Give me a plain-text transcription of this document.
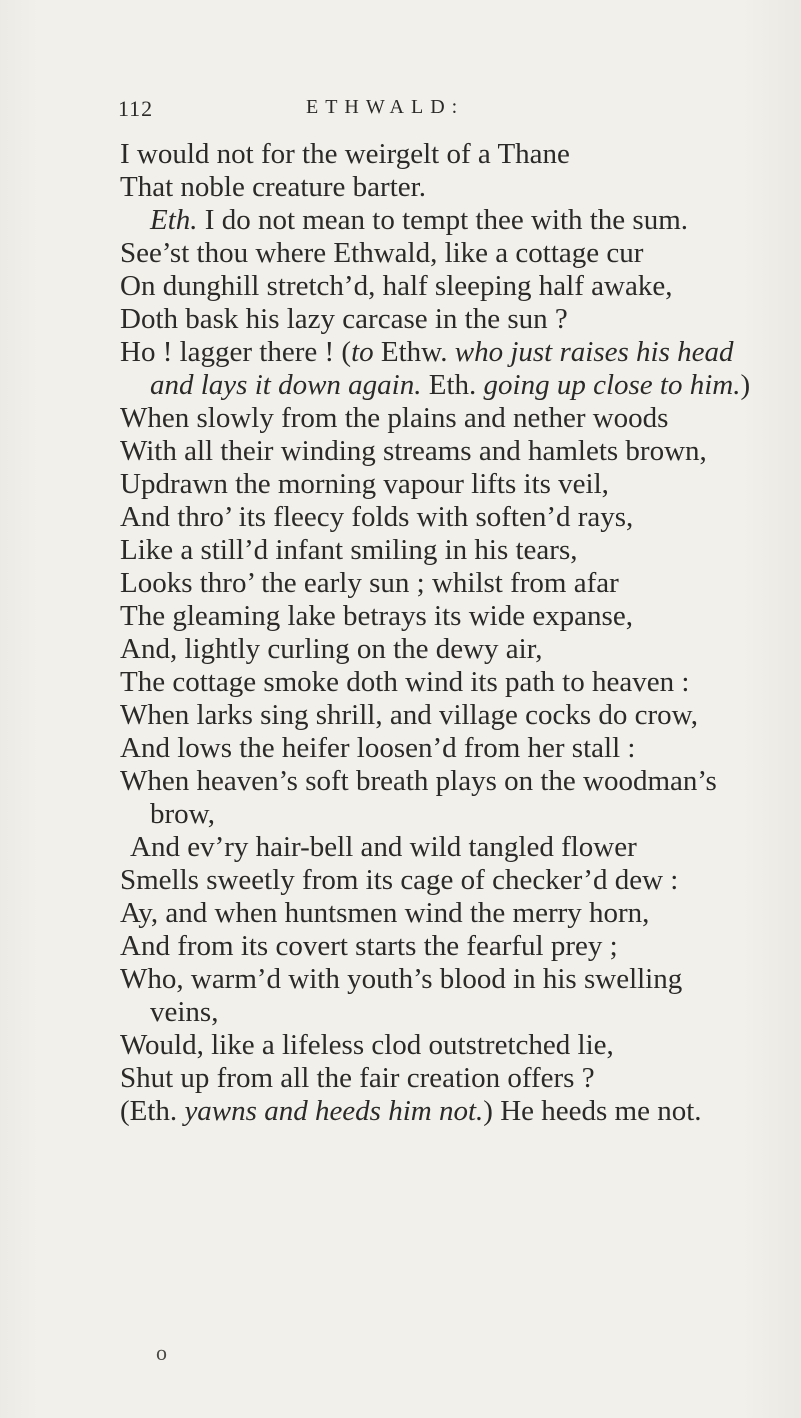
112	ETHWALD:

I would not for the weirgelt of a Thane

That noble creature barter.

Eth. I do not mean to tempt thee with the sum.

See’st thou where Ethwald, like a cottage cur

On dunghill stretch’d, half sleeping half awake,

Doth bask his lazy carcase in the sun ?

Ho ! lagger there ! (to Ethw. who just raises his head

and lays it down again. Eth. going up close to him.)

When slowly from the plains and nether woods

With all their winding streams and hamlets brown,

Updrawn the morning vapour lifts its veil,

And thro’ its fleecy folds with soften’d rays,

Like a still’d infant smiling in his tears,

Looks thro’ the early sun ; whilst from afar

The gleaming lake betrays its wide expanse,

And, lightly curling on the dewy air,

The cottage smoke doth wind its path to heaven :

When larks sing shrill, and village cocks do crow,

And lows the heifer loosen’d from her stall :

When heaven’s soft breath plays on the woodman’s

brow,

And ev’ry hair-bell and wild tangled flower

Smells sweetly from its cage of checker’d dew :

Ay, and when huntsmen wind the merry horn,

And from its covert starts the fearful prey ;

Who, warm’d with youth’s blood in his swelling

veins,

Would, like a lifeless clod outstretched lie,

Shut up from all the fair creation offers ?

(Eth. yawns and heeds him not.) He heeds me not.

o
